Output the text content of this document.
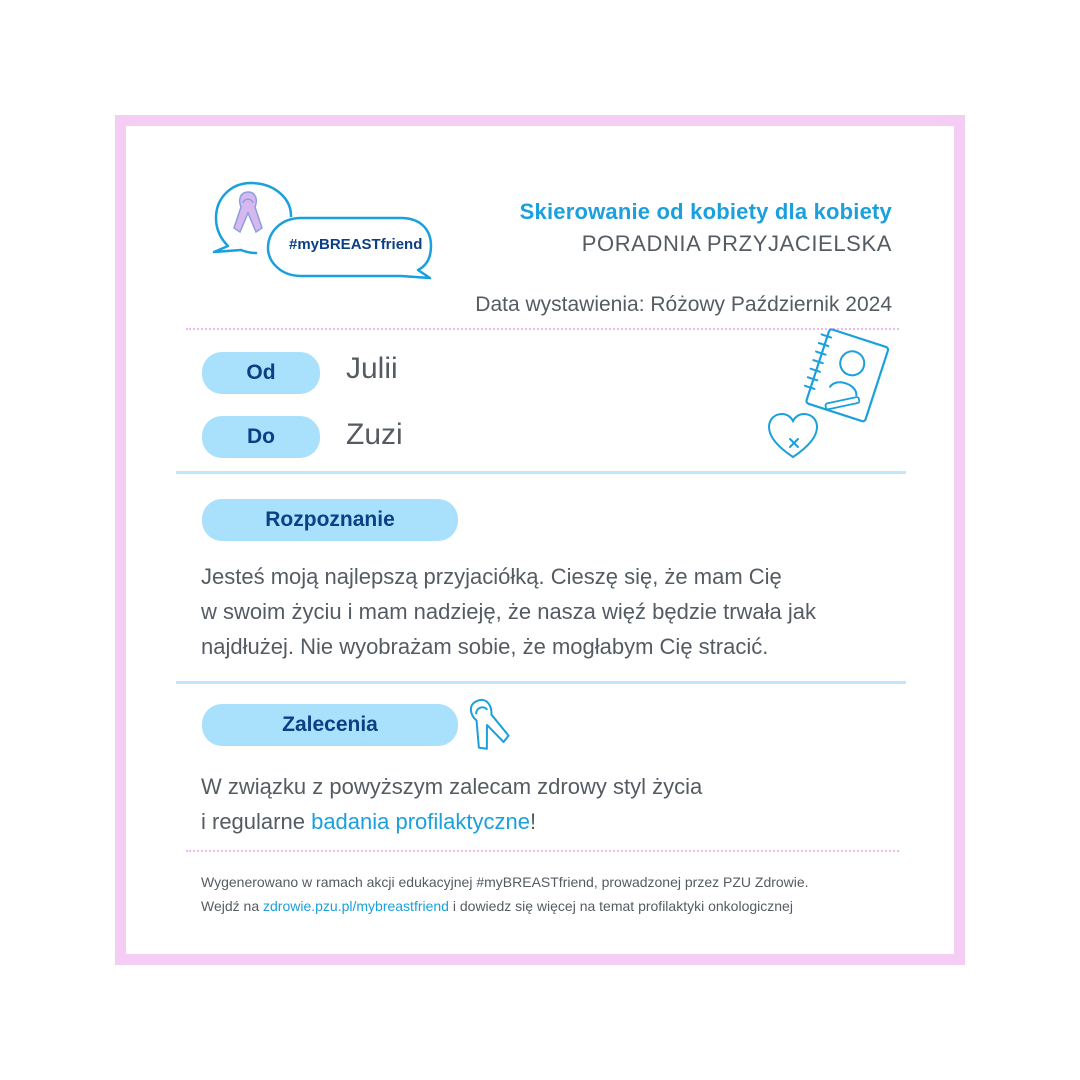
#myBREASTfriend
Skierowanie od kobiety dla kobiety
PORADNIA PRZYJACIELSKA
Data wystawienia: Różowy Październik 2024
Od	Julii
Do	Zuzi
Rozpoznanie
Jesteś moją najlepszą przyjaciółką. Cieszę się, że mam Cię
w swoim życiu i mam nadzieję, że nasza więź będzie trwała jak
najdłużej. Nie wyobrażam sobie, że mogłabym Cię stracić.
Zalecenia
W związku z powyższym zalecam zdrowy styl życia
i regularne badania profilaktyczne!
Wygenerowano w ramach akcji edukacyjnej #myBREASTfriend, prowadzonej przez PZU Zdrowie.
Wejdź na zdrowie.pzu.pl/mybreastfriend i dowiedz się więcej na temat profilaktyki onkologicznej
